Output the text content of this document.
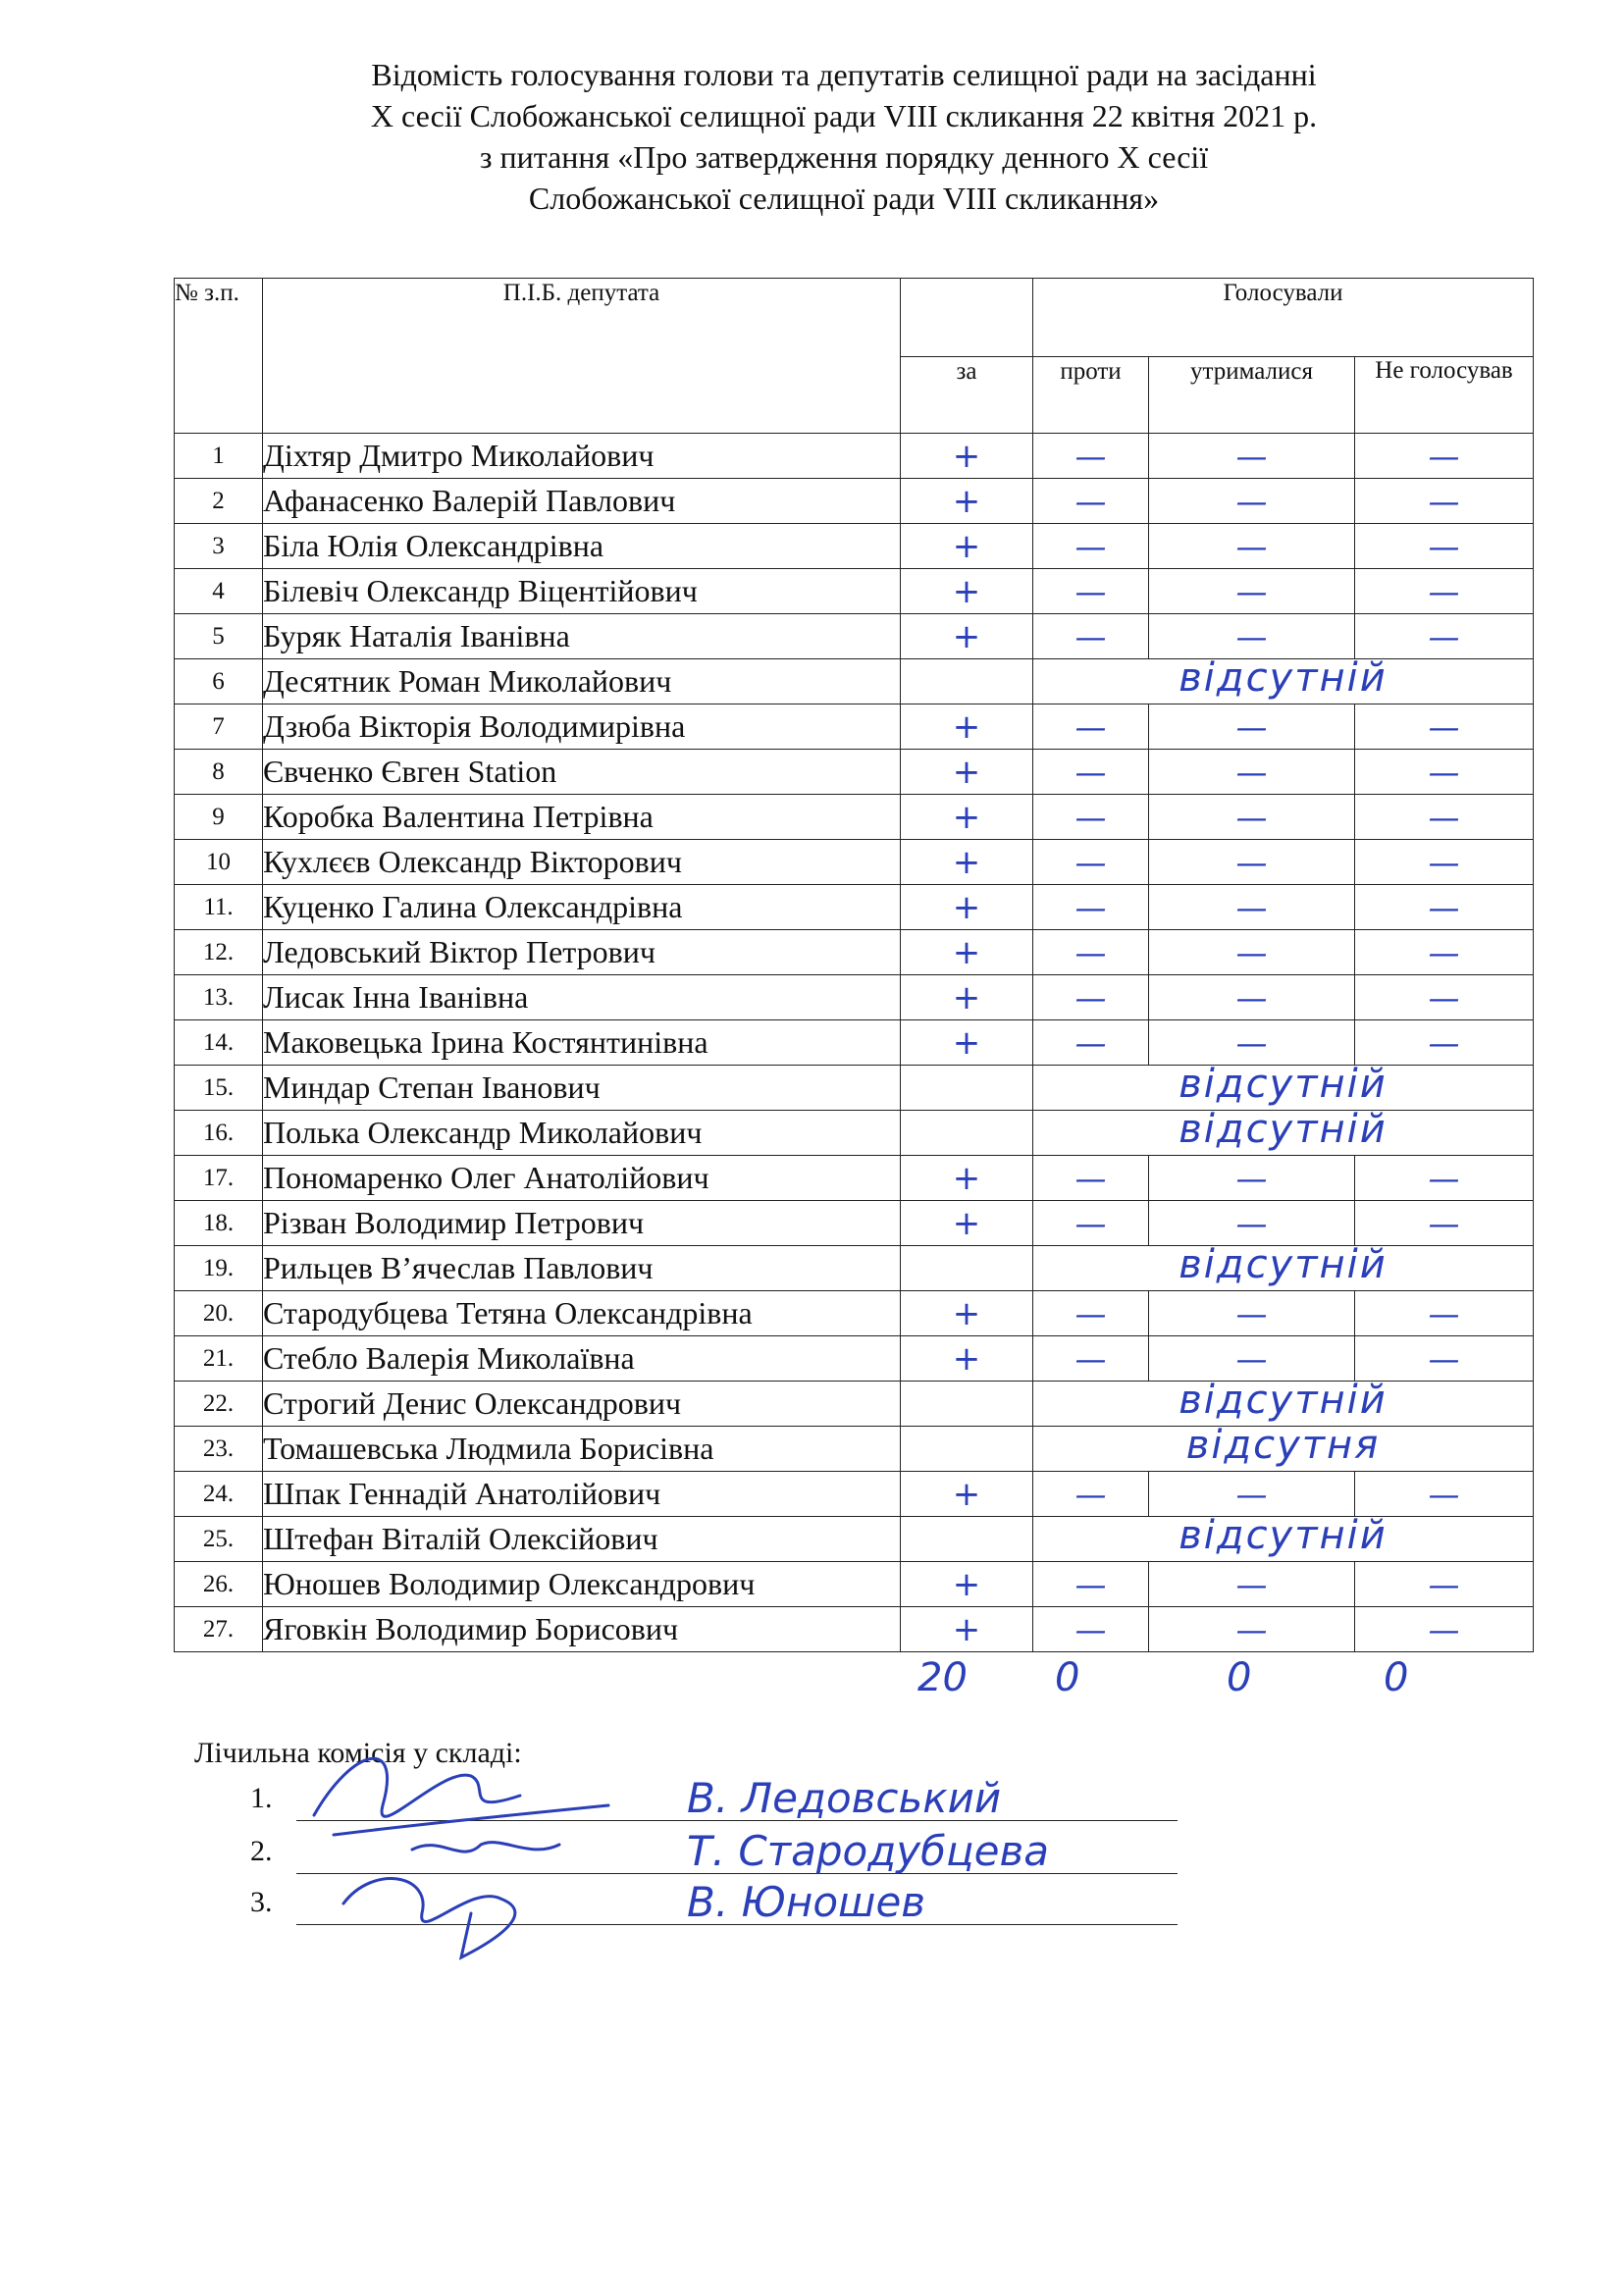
Відомість голосування голови та депутатів селищної ради на засіданні
Х сесії Слобожанської селищної ради VIII скликання 22 квітня 2021 р.
з питання «Про затвердження порядку денного Х сесії
Слобожанської селищної ради VIII скликання»
№ з.п.	П.І.Б. депутата		Голосували		
		за	проти	утрималися	Не голосував
1	Діхтяр Дмитро Миколайович	+	—	—	—
2	Афанасенко Валерій Павлович	+	—	—	—
3	Біла Юлія Олександрівна	+	—	—	—
4	Білевіч Олександр Віцентійович	+	—	—	—
5	Буряк Наталія Іванівна	+	—	—	—
6	Десятник Роман Миколайович		відсутній		
7	Дзюба Вікторія Володимирівна	+	—	—	—
8	Євченко Євген Station	+	—	—	—
9	Коробка Валентина Петрівна	+	—	—	—
10	Кухлєєв Олександр Вікторович	+	—	—	—
11.	Куценко Галина Олександрівна	+	—	—	—
12.	Ледовський Віктор Петрович	+	—	—	—
13.	Лисак Інна Іванівна	+	—	—	—
14.	Маковецька Ірина Костянтинівна	+	—	—	—
15.	Миндар Степан Іванович		відсутній		
16.	Полька Олександр Миколайович		відсутній		
17.	Пономаренко Олег Анатолійович	+	—	—	—
18.	Різван Володимир Петрович	+	—	—	—
19.	Рильцев В’ячеслав Павлович		відсутній		
20.	Стародубцева Тетяна Олександрівна	+	—	—	—
21.	Стебло Валерія Миколаївна	+	—	—	—
22.	Строгий Денис Олександрович		відсутній		
23.	Томашевська Людмила Борисівна		відсутня		
24.	Шпак Геннадій Анатолійович	+	—	—	—
25.	Штефан Віталій Олексійович		відсутній		
26.	Юношев Володимир Олександрович	+	—	—	—
27.	Яговкін Володимир Борисович	+	—	—	—
20 0	0	0
Лічильна комісія у складі:
1.	В. Ледовський
2.	Т. Стародубцева
3.	В. Юношев
